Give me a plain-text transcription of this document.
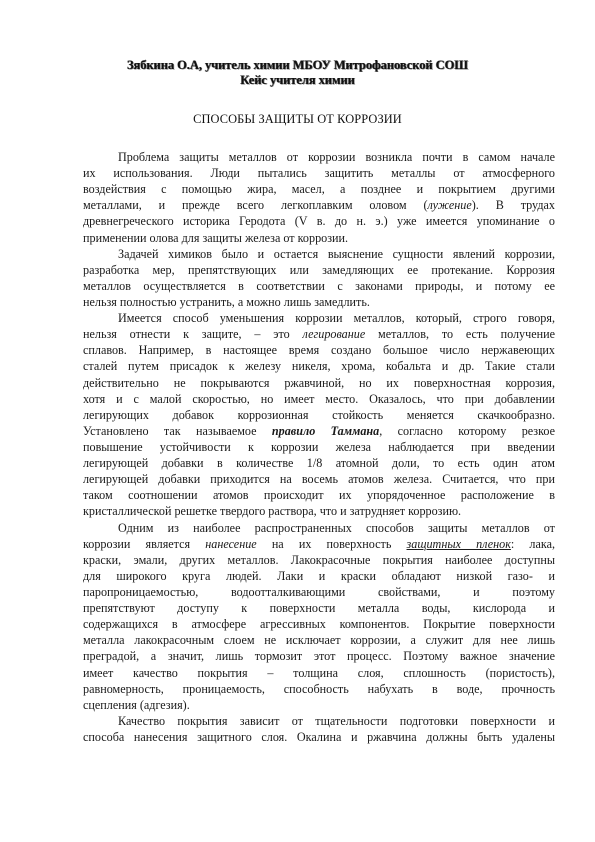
Зябкина О.А, учитель химии МБОУ Митрофановской СОШ
Кейс учителя химии
СПОСОБЫ ЗАЩИТЫ ОТ КОРРОЗИИ
Проблема защиты металлов от коррозии возникла почти в самом начале
их использования. Люди пытались защитить металлы от атмосферного
воздействия с помощью жира, масел, а позднее и покрытием другими
металлами, и прежде всего легкоплавким оловом (лужение). В трудах
древнегреческого историка Геродота (V в. до н. э.) уже имеется упоминание о
применении олова для защиты железа от коррозии.
Задачей химиков было и остается выяснение сущности явлений коррозии,
разработка мер, препятствующих или замедляющих ее протекание. Коррозия
металлов осуществляется в соответствии с законами природы, и потому ее
нельзя полностью устранить, а можно лишь замедлить.
Имеется способ уменьшения коррозии металлов, который, строго говоря,
нельзя отнести к защите, – это легирование металлов, то есть получение
сплавов. Например, в настоящее время создано большое число нержавеющих
сталей путем присадок к железу никеля, хрома, кобальта и др. Такие стали
действительно не покрываются ржавчиной, но их поверхностная коррозия,
хотя и с малой скоростью, но имеет место. Оказалось, что при добавлении
легирующих добавок коррозионная стойкость меняется скачкообразно.
Установлено так называемое правило Таммана, согласно которому резкое
повышение устойчивости к коррозии железа наблюдается при введении
легирующей добавки в количестве 1/8 атомной доли, то есть один атом
легирующей добавки приходится на восемь атомов железа. Считается, что при
таком соотношении атомов происходит их упорядоченное расположение в
кристаллической решетке твердого раствора, что и затрудняет коррозию.
Одним из наиболее распространенных способов защиты металлов от
коррозии является нанесение на их поверхность защитных пленок: лака,
краски, эмали, других металлов. Лакокрасочные покрытия наиболее доступны
для широкого круга людей. Лаки и краски обладают низкой газо- и
паропроницаемостью, водоотталкивающими свойствами, и поэтому
препятствуют доступу к поверхности металла воды, кислорода и
содержащихся в атмосфере агрессивных компонентов. Покрытие поверхности
металла лакокрасочным слоем не исключает коррозии, а служит для нее лишь
преградой, а значит, лишь тормозит этот процесс. Поэтому важное значение
имеет качество покрытия – толщина слоя, сплошность (пористость),
равномерность, проницаемость, способность набухать в воде, прочность
сцепления (адгезия).
Качество покрытия зависит от тщательности подготовки поверхности и
способа нанесения защитного слоя. Окалина и ржавчина должны быть удалены
